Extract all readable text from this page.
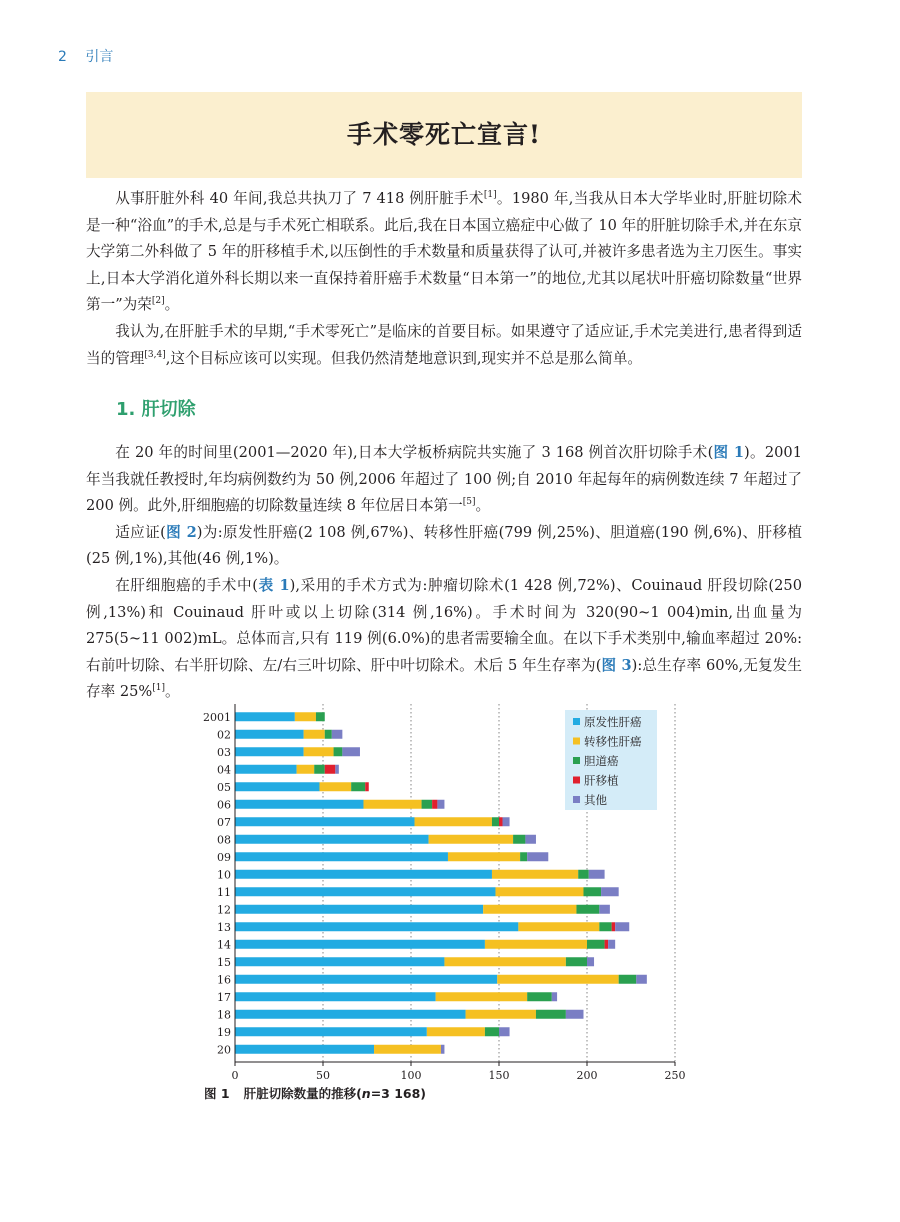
2 引言
手术零死亡宣言!

从事肝脏外科 40 年间,我总共执刀了 7 418 例肝脏手术[1]。1980 年,当我从日本大学毕业时,肝脏切除术是一种“浴血”的手术,总是与手术死亡相联系。此后,我在日本国立癌症中心做了 10 年的肝脏切除手术,并在东京大学第二外科做了 5 年的肝移植手术,以压倒性的手术数量和质量获得了认可,并被许多患者选为主刀医生。事实上,日本大学消化道外科长期以来一直保持着肝癌手术数量“日本第一”的地位,尤其以尾状叶肝癌切除数量“世界第一”为荣[2]。

我认为,在肝脏手术的早期,“手术零死亡”是临床的首要目标。如果遵守了适应证,手术完美进行,患者得到适当的管理[3,4],这个目标应该可以实现。但我仍然清楚地意识到,现实并不总是那么简单。

1. 肝切除

在 20 年的时间里(2001—2020 年),日本大学板桥病院共实施了 3 168 例首次肝切除手术(图 1)。2001 年当我就任教授时,年均病例数约为 50 例,2006 年超过了 100 例;自 2010 年起每年的病例数连续 7 年超过了 200 例。此外,肝细胞癌的切除数量连续 8 年位居日本第一[5]。

适应证(图 2)为:原发性肝癌(2 108 例,67%)、转移性肝癌(799 例,25%)、胆道癌(190 例,6%)、肝移植(25 例,1%),其他(46 例,1%)。

在肝细胞癌的手术中(表 1),采用的手术方式为:肿瘤切除术(1 428 例,72%)、Couinaud 肝段切除(250 例,13%)和 Couinaud 肝叶或以上切除(314 例,16%)。手术时间为 320(90~1 004)min,出血量为 275(5~11 002)mL。总体而言,只有 119 例(6.0%)的患者需要输全血。在以下手术类别中,输血率超过 20%:右前叶切除、右半肝切除、左/右三叶切除、肝中叶切除术。术后 5 年生存率为(图 3):总生存率 60%,无复发生存率 25%[1]。

2001
02
03
04
05
06
07
08
09
10
11
12
13
14
15
16
17
18
19
20
0	50	100	150	200	250
原发性肝癌
转移性肝癌
胆道癌
肝移植
其他
图 1 肝脏切除数量的推移(n=3 168)
